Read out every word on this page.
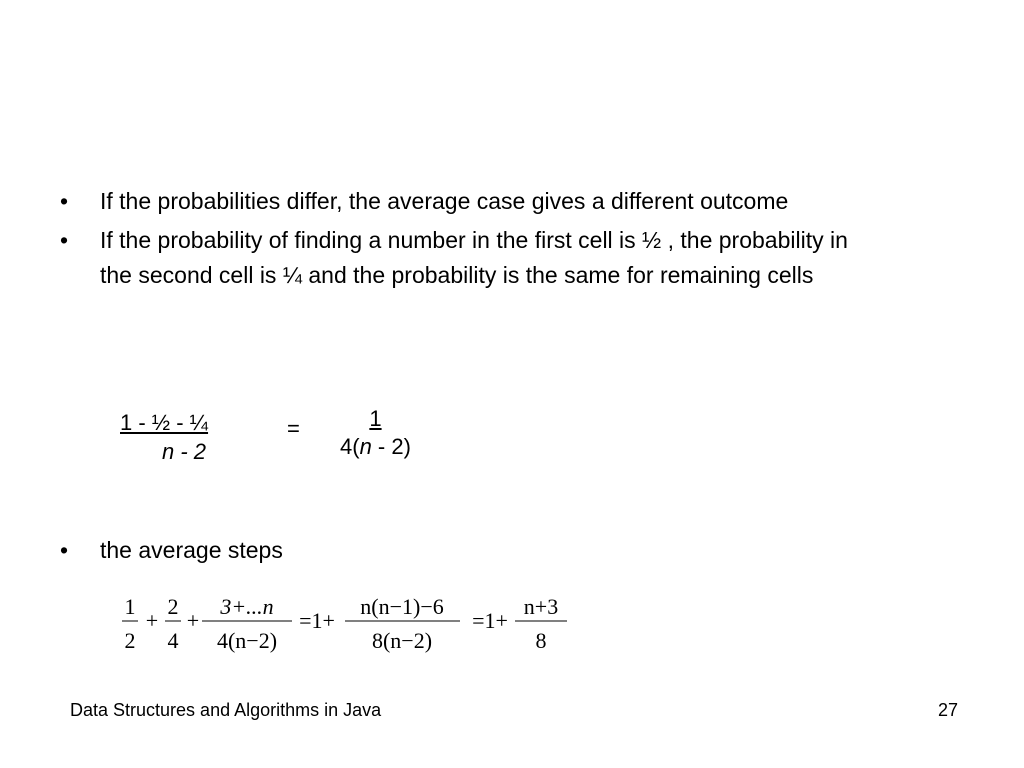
• If the probabilities differ, the average case gives a different outcome
• If the probability of finding a number in the first cell is ½ , the probability in the second cell is ¼ and the probability is the same for remaining cells
$\frac{\text{1 - ½ - ¼}}{n - 2}$	= $\frac{1}{4(n - 2)}$
• the average steps
1
2
+
2
4
+
3+...n
4(n−2)
=1+
n(n−1)−6
8(n−2)
=1+
n+3
8
Data Structures and Algorithms in Java	27
